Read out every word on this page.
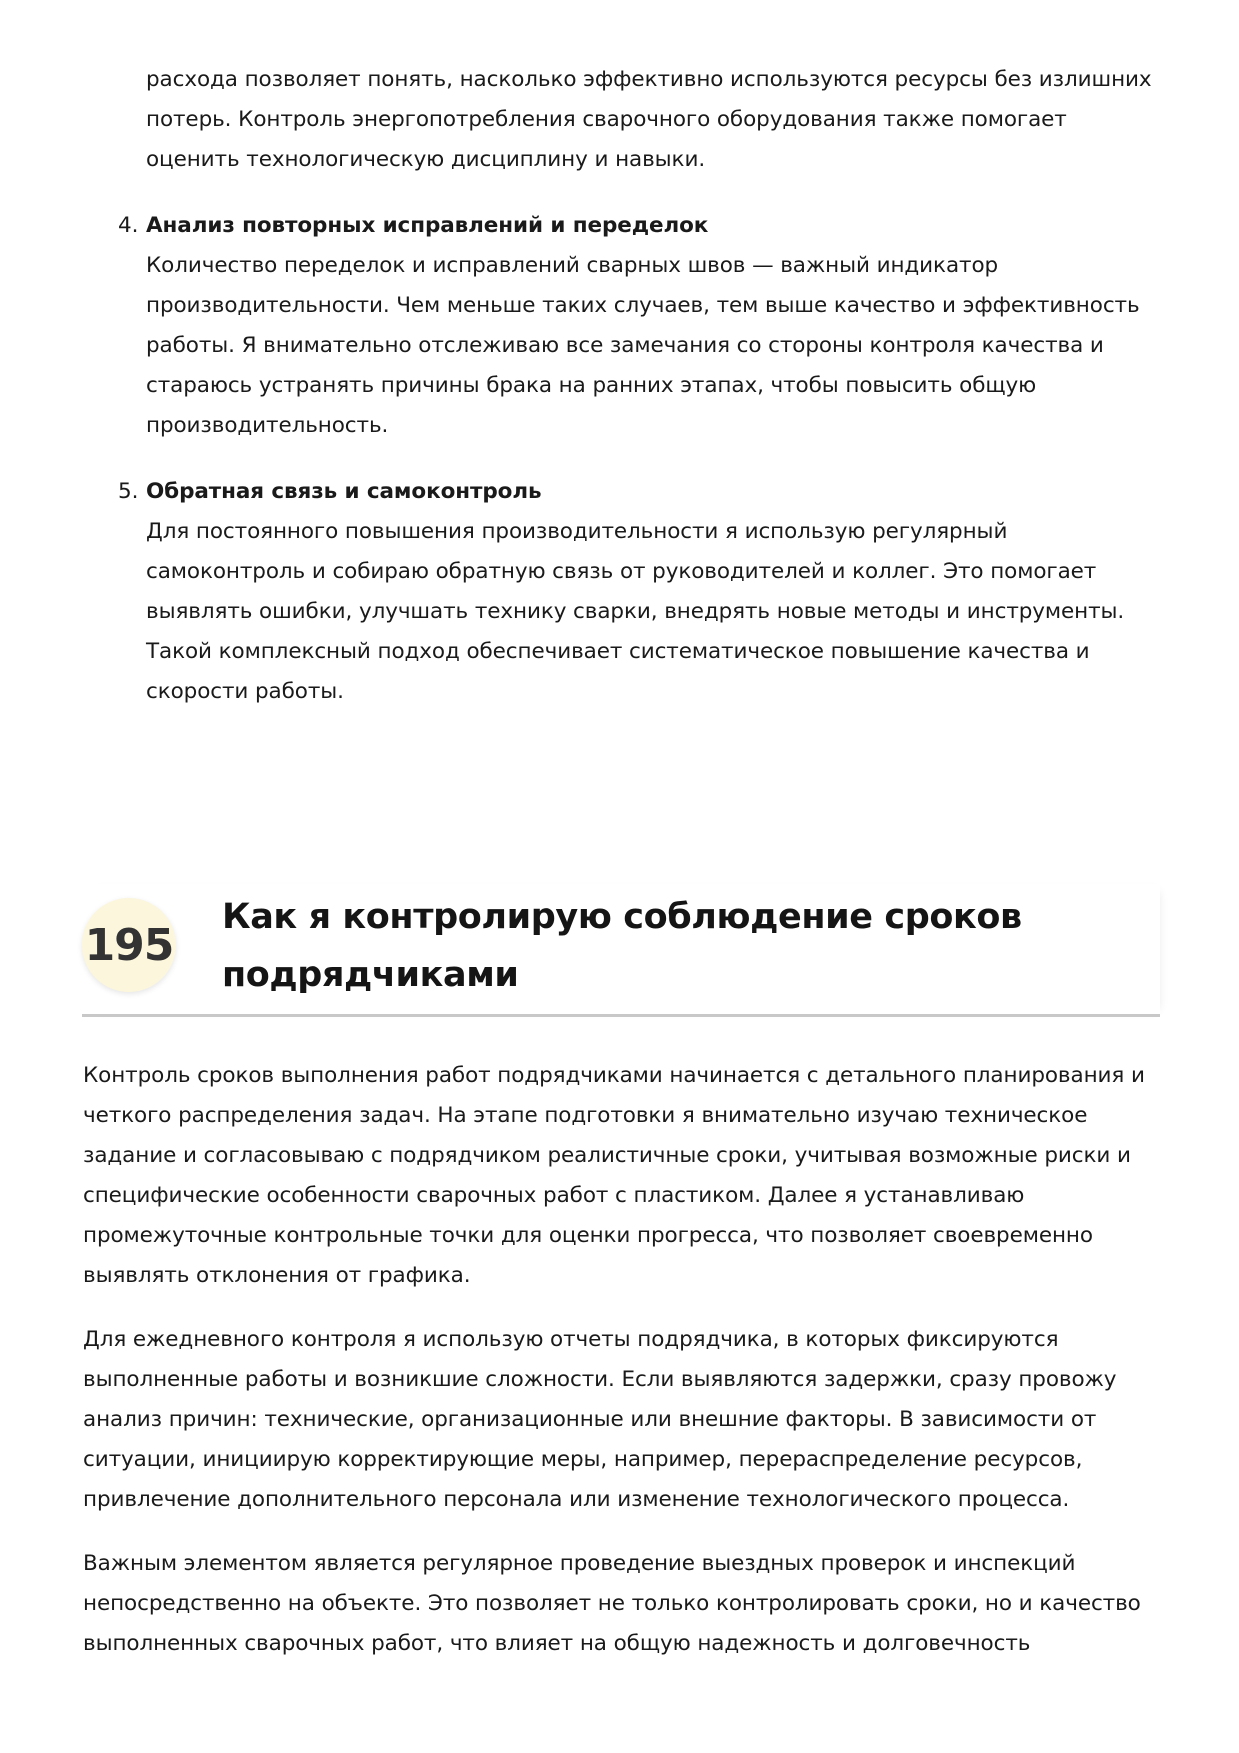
расхода позволяет понять, насколько эффективно используются ресурсы без излишних потерь. Контроль энергопотребления сварочного оборудования также помогает оценить технологическую дисциплину и навыки.

4. Анализ повторных исправлений и переделок

Количество переделок и исправлений сварных швов — важный индикатор производительности. Чем меньше таких случаев, тем выше качество и эффективность работы. Я внимательно отслеживаю все замечания со стороны контроля качества и стараюсь устранять причины брака на ранних этапах, чтобы повысить общую производительность.

5. Обратная связь и самоконтроль

Для постоянного повышения производительности я использую регулярный самоконтроль и собираю обратную связь от руководителей и коллег. Это помогает выявлять ошибки, улучшать технику сварки, внедрять новые методы и инструменты. Такой комплексный подход обеспечивает систематическое повышение качества и скорости работы.

195
Как я контролирую соблюдение сроков подрядчиками

Контроль сроков выполнения работ подрядчиками начинается с детального планирования и четкого распределения задач. На этапе подготовки я внимательно изучаю техническое задание и согласовываю с подрядчиком реалистичные сроки, учитывая возможные риски и специфические особенности сварочных работ с пластиком. Далее я устанавливаю промежуточные контрольные точки для оценки прогресса, что позволяет своевременно выявлять отклонения от графика.

Для ежедневного контроля я использую отчеты подрядчика, в которых фиксируются выполненные работы и возникшие сложности. Если выявляются задержки, сразу провожу анализ причин: технические, организационные или внешние факторы. В зависимости от ситуации, инициирую корректирующие меры, например, перераспределение ресурсов, привлечение дополнительного персонала или изменение технологического процесса.

Важным элементом является регулярное проведение выездных проверок и инспекций непосредственно на объекте. Это позволяет не только контролировать сроки, но и качество выполненных сварочных работ, что влияет на общую надежность и долговечность
